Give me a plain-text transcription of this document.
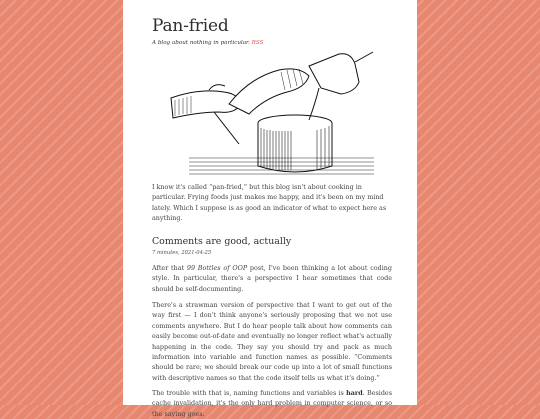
Pan-fried
A blog about nothing in particular. RSS

I know it's called “pan-fried,” but this blog isn't about cooking in particular. Frying foods just makes me happy, and it's been on my mind lately. Which I suppose is as good an indicator of what to expect here as anything.

Comments are good, actually
7 minutes, 2021-04-25

After that 99 Bottles of OOP post, I've been thinking a lot about coding style. In particular, there's a perspective I hear sometimes that code should be self-documenting.

There's a strawman version of perspective that I want to get out of the way first — I don't think anyone's seriously proposing that we not use comments anywhere. But I do hear people talk about how comments can easily become out-of-date and eventually no longer reflect what's actually happening in the code. They say you should try and pack as much information into variable and function names as possible. “Comments should be rare; we should break our code up into a lot of small functions with descriptive names so that the code itself tells us what it's doing.”

The trouble with that is, naming functions and variables is hard. Besides cache invalidation, it's the only hard problem in computer science, or so the saying goes.
